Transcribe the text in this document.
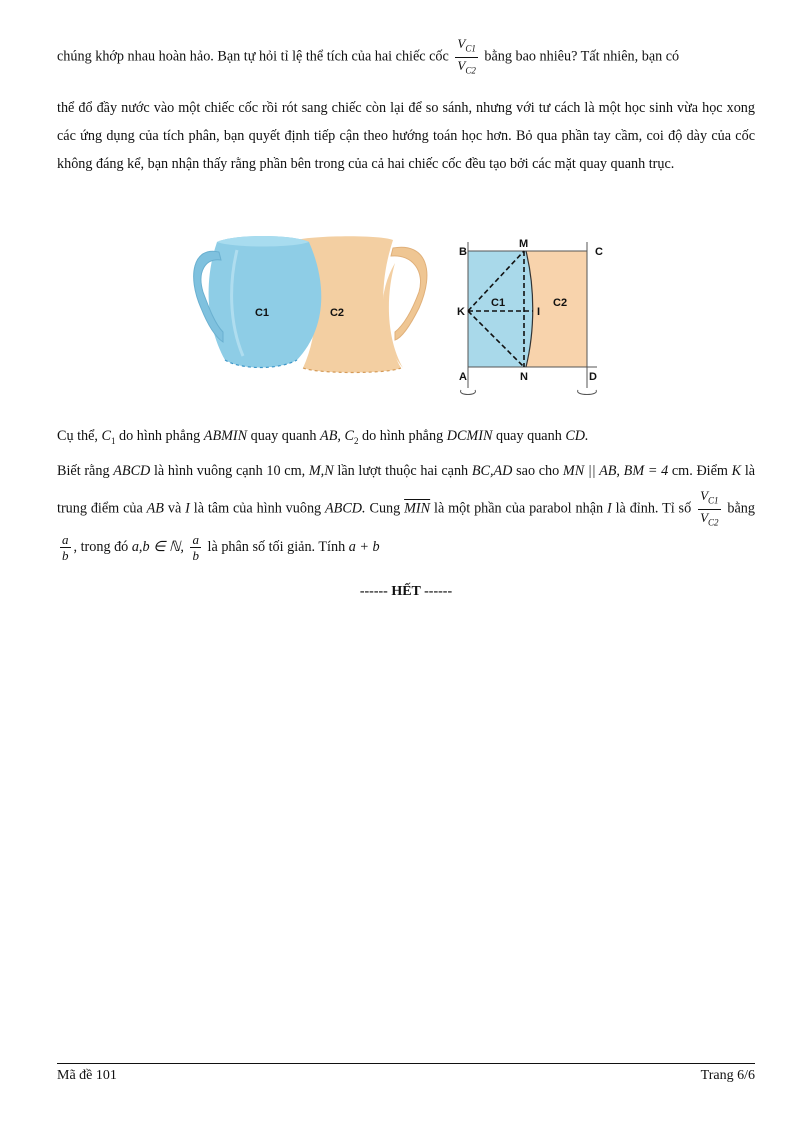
chúng khớp nhau hoàn hảo. Bạn tự hỏi tỉ lệ thể tích của hai chiếc cốc $\frac{V_{C1}}{V_{C2}}$ bằng bao nhiêu? Tất nhiên, bạn có

thể đổ đầy nước vào một chiếc cốc rồi rót sang chiếc còn lại để so sánh, nhưng với tư cách là một học sinh vừa học xong các ứng dụng của tích phân, bạn quyết định tiếp cận theo hướng toán học hơn. Bỏ qua phần tay cầm, coi độ dày của cốc không đáng kể, bạn nhận thấy rằng phần bên trong của cả hai chiếc cốc đều tạo bởi các mặt quay quanh trục.

C1	C2
B
M
C
K	I
A	N	D
C1	C2

Cụ thể, $C_1$ do hình phẳng ABMIN quay quanh AB, $C_2$ do hình phẳng DCMIN quay quanh CD.

Biết rằng ABCD là hình vuông cạnh 10 cm, M,N lần lượt thuộc hai cạnh BC,AD sao cho MN || AB, BM = 4 cm. Điểm K là trung điểm của AB và I là tâm của hình vuông ABCD. Cung $\overline{MIN}$ là một phần của parabol nhận I là đỉnh. Tỉ số $\frac{V_{C1}}{V_{C2}}$ bằng
$\frac{a}{b}$ , trong đó a,b ∈ ℕ, $\frac{a}{b}$ là phân số tối giản. Tính a + b

------ HẾT ------
Mã đề 101	Trang 6/6
